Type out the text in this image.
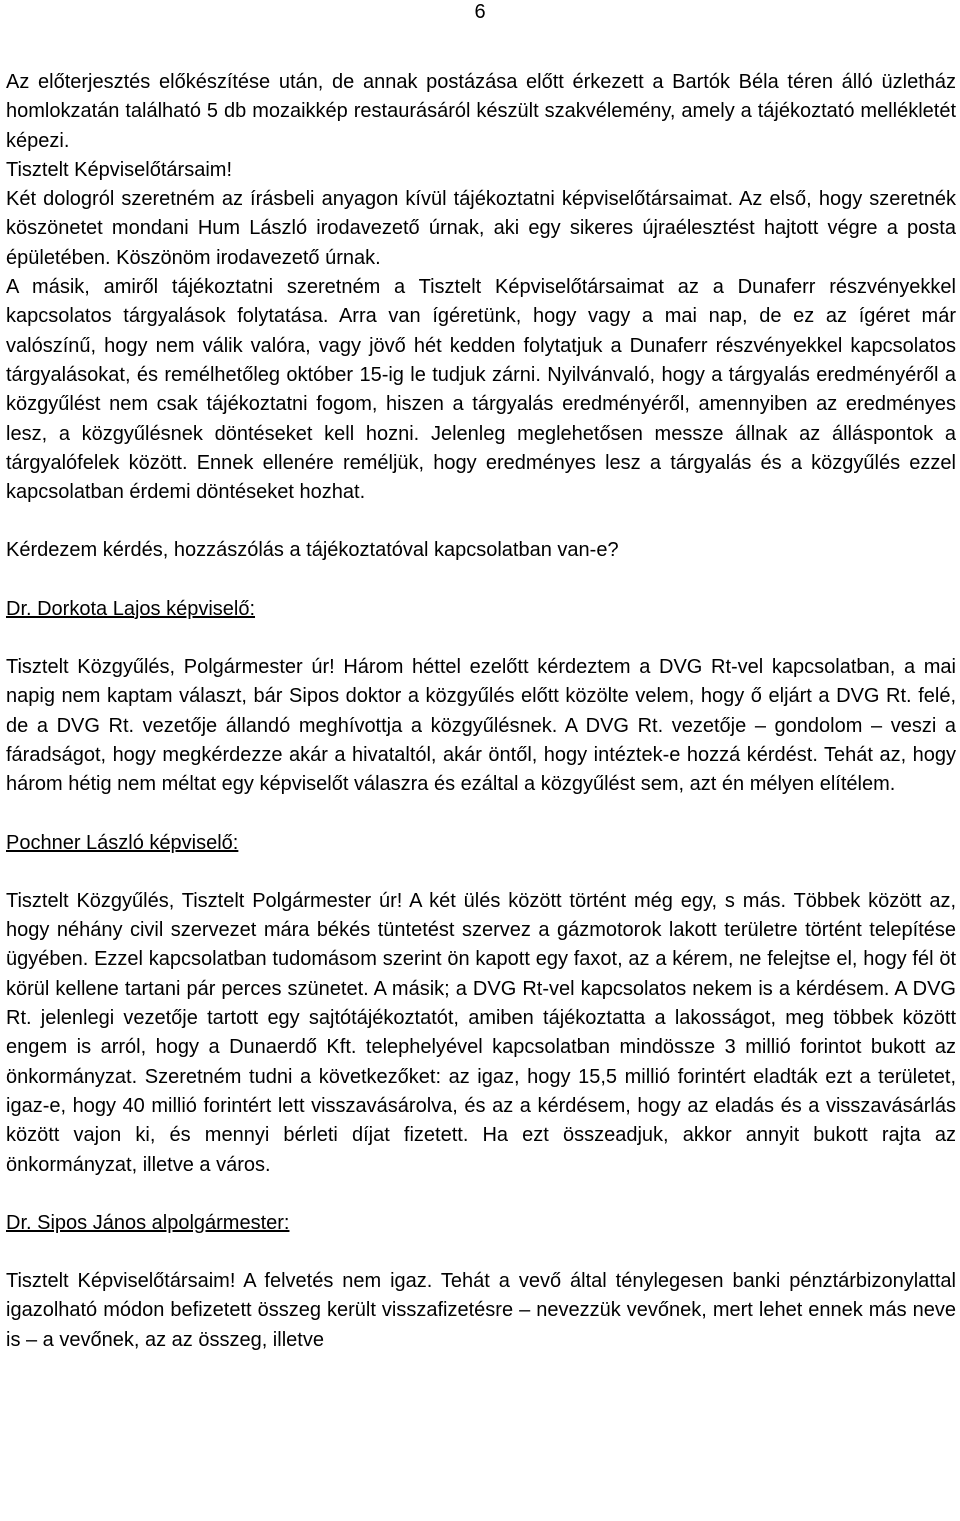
6

Az előterjesztés előkészítése után, de annak postázása előtt érkezett a Bartók Béla téren álló üzletház homlokzatán található 5 db mozaikkép restaurásáról készült szakvélemény, amely a tájékoztató mellékletét képezi.

Tisztelt Képviselőtársaim!

Két dologról szeretném az írásbeli anyagon kívül tájékoztatni képviselőtársaimat. Az első, hogy szeretnék köszönetet mondani Hum László irodavezető úrnak, aki egy sikeres újraélesztést hajtott végre a posta épületében. Köszönöm irodavezető úrnak.

A másik, amiről tájékoztatni szeretném a Tisztelt Képviselőtársaimat az a Dunaferr részvényekkel kapcsolatos tárgyalások folytatása. Arra van ígéretünk, hogy vagy a mai nap, de ez az ígéret már valószínű, hogy nem válik valóra, vagy jövő hét kedden folytatjuk a Dunaferr részvényekkel kapcsolatos tárgyalásokat, és remélhetőleg október 15-ig le tudjuk zárni. Nyilvánvaló, hogy a tárgyalás eredményéről a közgyűlést nem csak tájékoztatni fogom, hiszen a tárgyalás eredményéről, amennyiben az eredményes lesz, a közgyűlésnek döntéseket kell hozni. Jelenleg meglehetősen messze állnak az álláspontok a tárgyalófelek között. Ennek ellenére reméljük, hogy eredményes lesz a tárgyalás és a közgyűlés ezzel kapcsolatban érdemi döntéseket hozhat.

Kérdezem kérdés, hozzászólás a tájékoztatóval kapcsolatban van-e?

Dr. Dorkota Lajos képviselő:

Tisztelt Közgyűlés, Polgármester úr! Három héttel ezelőtt kérdeztem a DVG Rt-vel kapcsolatban, a mai napig nem kaptam választ, bár Sipos doktor a közgyűlés előtt közölte velem, hogy ő eljárt a DVG Rt. felé, de a DVG Rt. vezetője állandó meghívottja a közgyűlésnek. A DVG Rt. vezetője – gondolom – veszi a fáradságot, hogy megkérdezze akár a hivataltól, akár öntől, hogy intéztek-e hozzá kérdést. Tehát az, hogy három hétig nem méltat egy képviselőt válaszra és ezáltal a közgyűlést sem, azt én mélyen elítélem.

Pochner László képviselő:

Tisztelt Közgyűlés, Tisztelt Polgármester úr! A két ülés között történt még egy, s más. Többek között az, hogy néhány civil szervezet mára békés tüntetést szervez a gázmotorok lakott területre történt telepítése ügyében. Ezzel kapcsolatban tudomásom szerint ön kapott egy faxot, az a kérem, ne felejtse el, hogy fél öt körül kellene tartani pár perces szünetet. A másik; a DVG Rt-vel kapcsolatos nekem is a kérdésem. A DVG Rt. jelenlegi vezetője tartott egy sajtótájékoztatót, amiben tájékoztatta a lakosságot, meg többek között engem is arról, hogy a Dunaerdő Kft. telephelyével kapcsolatban mindössze 3 millió forintot bukott az önkormányzat. Szeretném tudni a következőket: az igaz, hogy 15,5 millió forintért eladták ezt a területet, igaz-e, hogy 40 millió forintért lett visszavásárolva, és az a kérdésem, hogy az eladás és a visszavásárlás között vajon ki, és mennyi bérleti díjat fizetett. Ha ezt összeadjuk, akkor annyit bukott rajta az önkormányzat, illetve a város.

Dr. Sipos János alpolgármester:

Tisztelt Képviselőtársaim! A felvetés nem igaz. Tehát a vevő által ténylegesen banki pénztárbizonylattal igazolható módon befizetett összeg került visszafizetésre – nevezzük vevőnek, mert lehet ennek más neve is – a vevőnek, az az összeg, illetve
